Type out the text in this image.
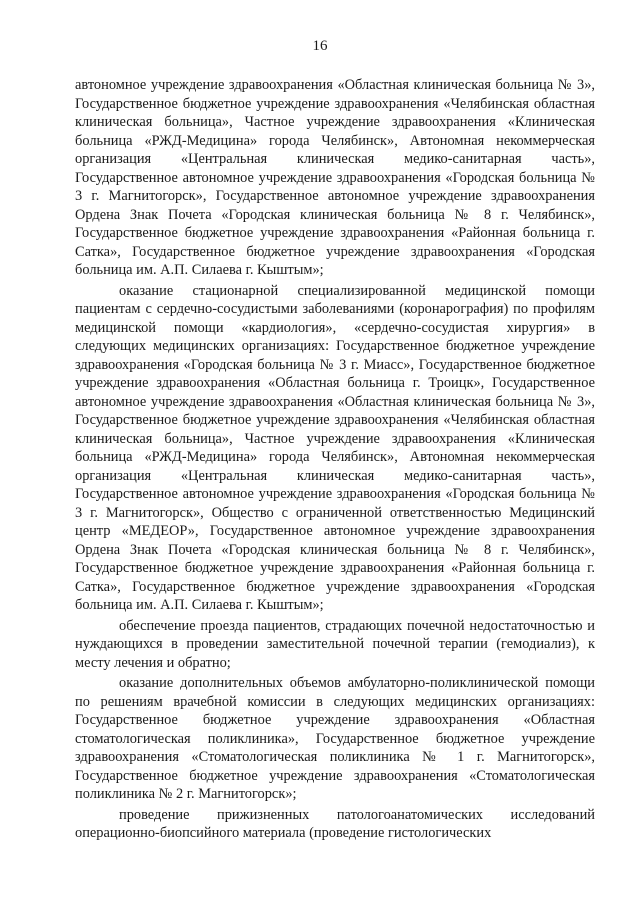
16

автономное учреждение здравоохранения «Областная клиническая больница № 3», Государственное бюджетное учреждение здравоохранения «Челябинская областная клиническая больница», Частное учреждение здравоохранения «Клиническая больница «РЖД-Медицина» города Челябинск», Автономная некоммерческая организация «Центральная клиническая медико-санитарная часть», Государственное автономное учреждение здравоохранения «Городская больница № 3 г. Магнитогорск», Государственное автономное учреждение здравоохранения Ордена Знак Почета «Городская клиническая больница № 8 г. Челябинск», Государственное бюджетное учреждение здравоохранения «Районная больница г. Сатка», Государственное бюджетное учреждение здравоохранения «Городская больница им. А.П. Силаева г. Кыштым»;

оказание стационарной специализированной медицинской помощи пациентам с сердечно-сосудистыми заболеваниями (коронарография) по профилям медицинской помощи «кардиология», «сердечно-сосудистая хирургия» в следующих медицинских организациях: Государственное бюджетное учреждение здравоохранения «Городская больница № 3 г. Миасс», Государственное бюджетное учреждение здравоохранения «Областная больница г. Троицк», Государственное автономное учреждение здравоохранения «Областная клиническая больница № 3», Государственное бюджетное учреждение здравоохранения «Челябинская областная клиническая больница», Частное учреждение здравоохранения «Клиническая больница «РЖД-Медицина» города Челябинск», Автономная некоммерческая организация «Центральная клиническая медико-санитарная часть», Государственное автономное учреждение здравоохранения «Городская больница № 3 г. Магнитогорск», Общество с ограниченной ответственностью Медицинский центр «МЕДЕОР», Государственное автономное учреждение здравоохранения Ордена Знак Почета «Городская клиническая больница № 8 г. Челябинск», Государственное бюджетное учреждение здравоохранения «Районная больница г. Сатка», Государственное бюджетное учреждение здравоохранения «Городская больница им. А.П. Силаева г. Кыштым»;

обеспечение проезда пациентов, страдающих почечной недостаточностью и нуждающихся в проведении заместительной почечной терапии (гемодиализ), к месту лечения и обратно;

оказание дополнительных объемов амбулаторно-поликлинической помощи по решениям врачебной комиссии в следующих медицинских организациях: Государственное бюджетное учреждение здравоохранения «Областная стоматологическая поликлиника», Государственное бюджетное учреждение здравоохранения «Стоматологическая поликлиника № 1 г. Магнитогорск», Государственное бюджетное учреждение здравоохранения «Стоматологическая поликлиника № 2 г. Магнитогорск»;

проведение прижизненных патологоанатомических исследований операционно-биопсийного материала (проведение гистологических
